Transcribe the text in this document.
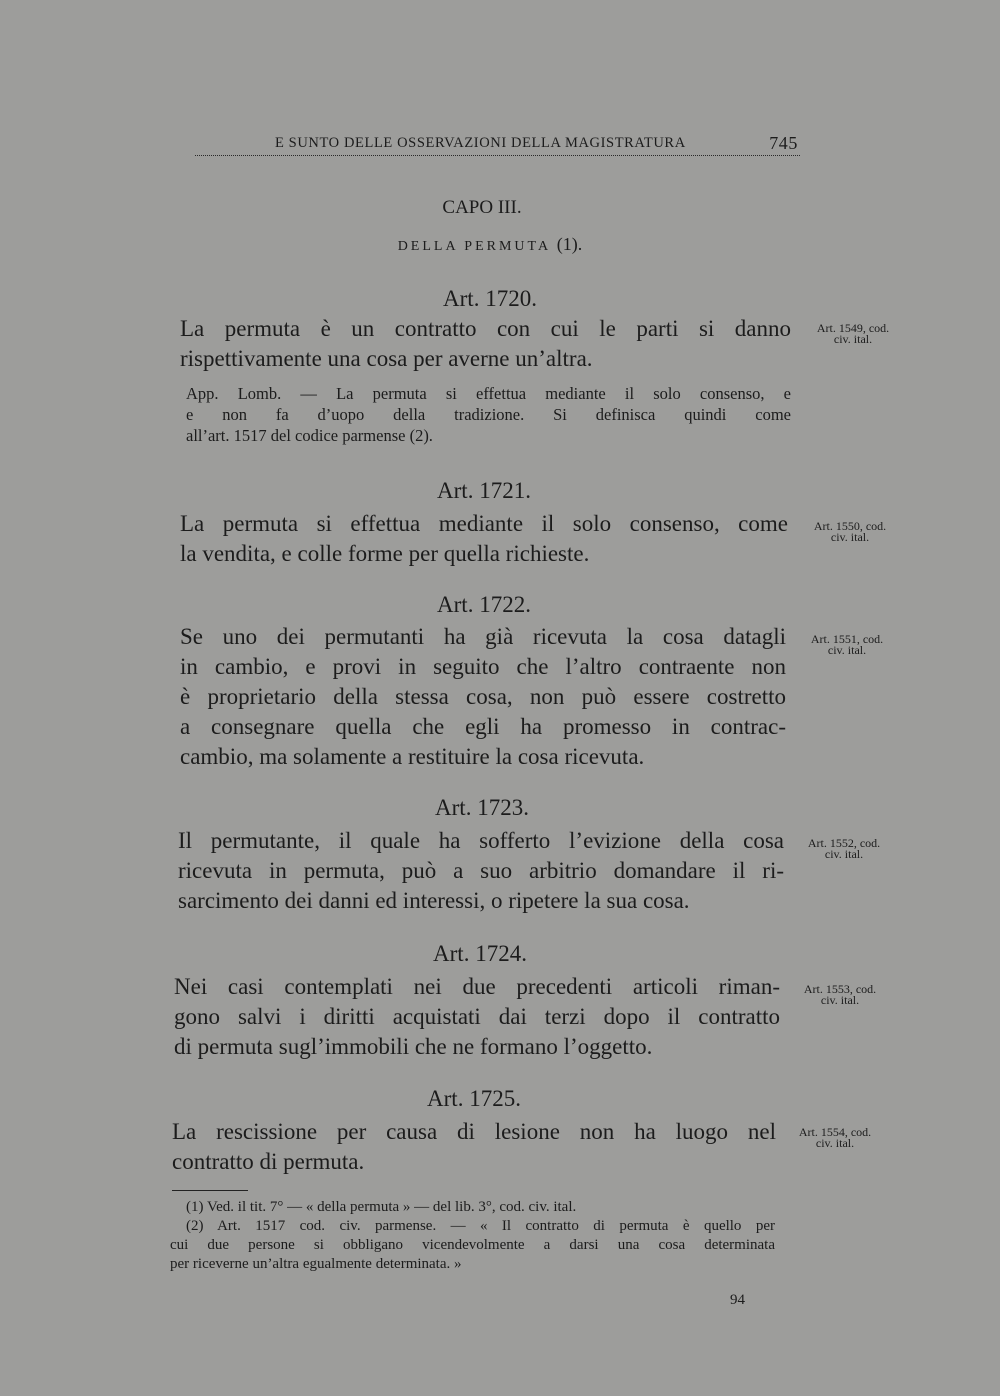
E SUNTO DELLE OSSERVAZIONI DELLA MAGISTRATURA	745
CAPO III.
DELLA PERMUTA (1).
Art. 1720.
La permuta è un contratto con cui le parti si danno
rispettivamente una cosa per averne un’altra.
Art. 1549, cod.
civ. ital.
App. Lomb. — La permuta si effettua mediante il solo consenso, e
e non fa d’uopo della tradizione. Si definisca quindi come
all’art. 1517 del codice parmense (2).
Art. 1721.
La permuta si effettua mediante il solo consenso, come
la vendita, e colle forme per quella richieste.
Art. 1550, cod.
civ. ital.
Art. 1722.
Se uno dei permutanti ha già ricevuta la cosa datagli
in cambio, e provi in seguito che l’altro contraente non
è proprietario della stessa cosa, non può essere costretto
a consegnare quella che egli ha promesso in contrac-
cambio, ma solamente a restituire la cosa ricevuta.
Art. 1551, cod.
civ. ital.
Art. 1723.
Il permutante, il quale ha sofferto l’evizione della cosa
ricevuta in permuta, può a suo arbitrio domandare il ri-
sarcimento dei danni ed interessi, o ripetere la sua cosa.
Art. 1552, cod.
civ. ital.
Art. 1724.
Nei casi contemplati nei due precedenti articoli riman-
gono salvi i diritti acquistati dai terzi dopo il contratto
di permuta sugl’immobili che ne formano l’oggetto.
Art. 1553, cod.
civ. ital.
Art. 1725.
La rescissione per causa di lesione non ha luogo nel
contratto di permuta.
Art. 1554, cod.
civ. ital.
(1) Ved. il tit. 7° — « della permuta » — del lib. 3°, cod. civ. ital.
(2) Art. 1517 cod. civ. parmense. — « Il contratto di permuta è quello per
cui due persone si obbligano vicendevolmente a darsi una cosa determinata
per riceverne un’altra egualmente determinata. »
94
